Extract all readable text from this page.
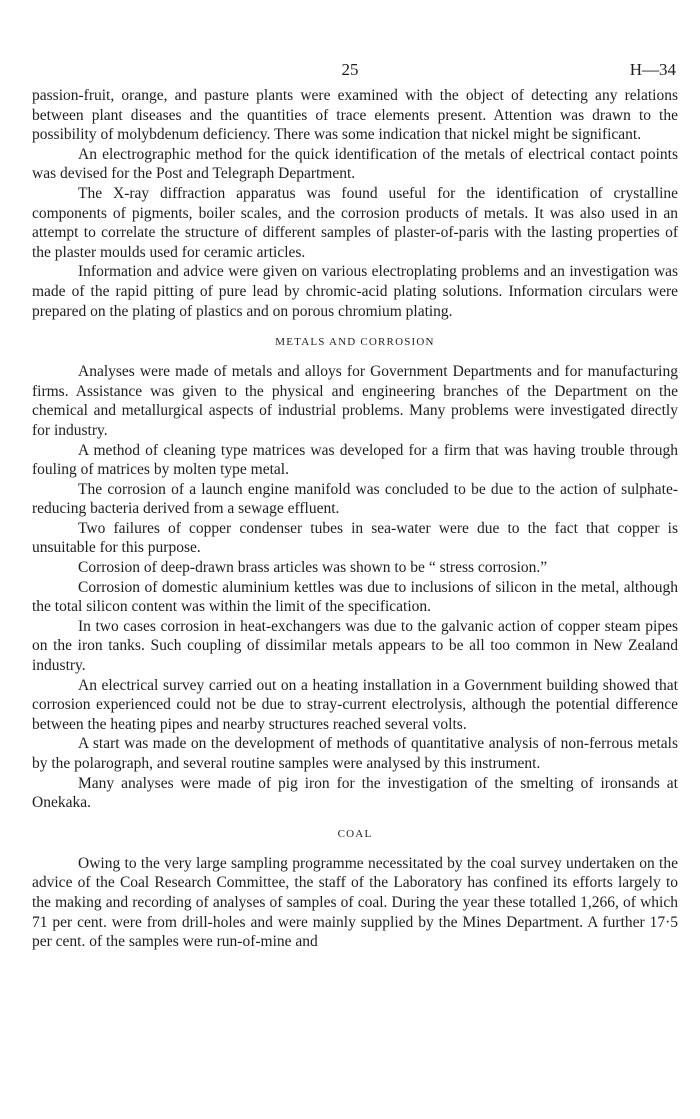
25	H—34

passion-fruit, orange, and pasture plants were examined with the object of detecting any relations between plant diseases and the quantities of trace elements present. Attention was drawn to the possibility of molybdenum deficiency. There was some indication that nickel might be significant.

An electrographic method for the quick identification of the metals of electrical contact points was devised for the Post and Telegraph Department.

The X-ray diffraction apparatus was found useful for the identification of crystalline components of pigments, boiler scales, and the corrosion products of metals. It was also used in an attempt to correlate the structure of different samples of plaster-of-paris with the lasting properties of the plaster moulds used for ceramic articles.

Information and advice were given on various electroplating problems and an investigation was made of the rapid pitting of pure lead by chromic-acid plating solutions. Information circulars were prepared on the plating of plastics and on porous chromium plating.

METALS AND CORROSION

Analyses were made of metals and alloys for Government Departments and for manufacturing firms. Assistance was given to the physical and engineering branches of the Department on the chemical and metallurgical aspects of industrial problems. Many problems were investigated directly for industry.

A method of cleaning type matrices was developed for a firm that was having trouble through fouling of matrices by molten type metal.

The corrosion of a launch engine manifold was concluded to be due to the action of sulphate-reducing bacteria derived from a sewage effluent.

Two failures of copper condenser tubes in sea-water were due to the fact that copper is unsuitable for this purpose.

Corrosion of deep-drawn brass articles was shown to be “ stress corrosion.”

Corrosion of domestic aluminium kettles was due to inclusions of silicon in the metal, although the total silicon content was within the limit of the specification.

In two cases corrosion in heat-exchangers was due to the galvanic action of copper steam pipes on the iron tanks. Such coupling of dissimilar metals appears to be all too common in New Zealand industry.

An electrical survey carried out on a heating installation in a Government building showed that corrosion experienced could not be due to stray-current electrolysis, although the potential difference between the heating pipes and nearby structures reached several volts.

A start was made on the development of methods of quantitative analysis of non-ferrous metals by the polarograph, and several routine samples were analysed by this instrument.

Many analyses were made of pig iron for the investigation of the smelting of ironsands at Onekaka.

COAL

Owing to the very large sampling programme necessitated by the coal survey undertaken on the advice of the Coal Research Committee, the staff of the Laboratory has confined its efforts largely to the making and recording of analyses of samples of coal. During the year these totalled 1,266, of which 71 per cent. were from drill-holes and were mainly supplied by the Mines Department. A further 17·5 per cent. of the samples were run-of-mine and
